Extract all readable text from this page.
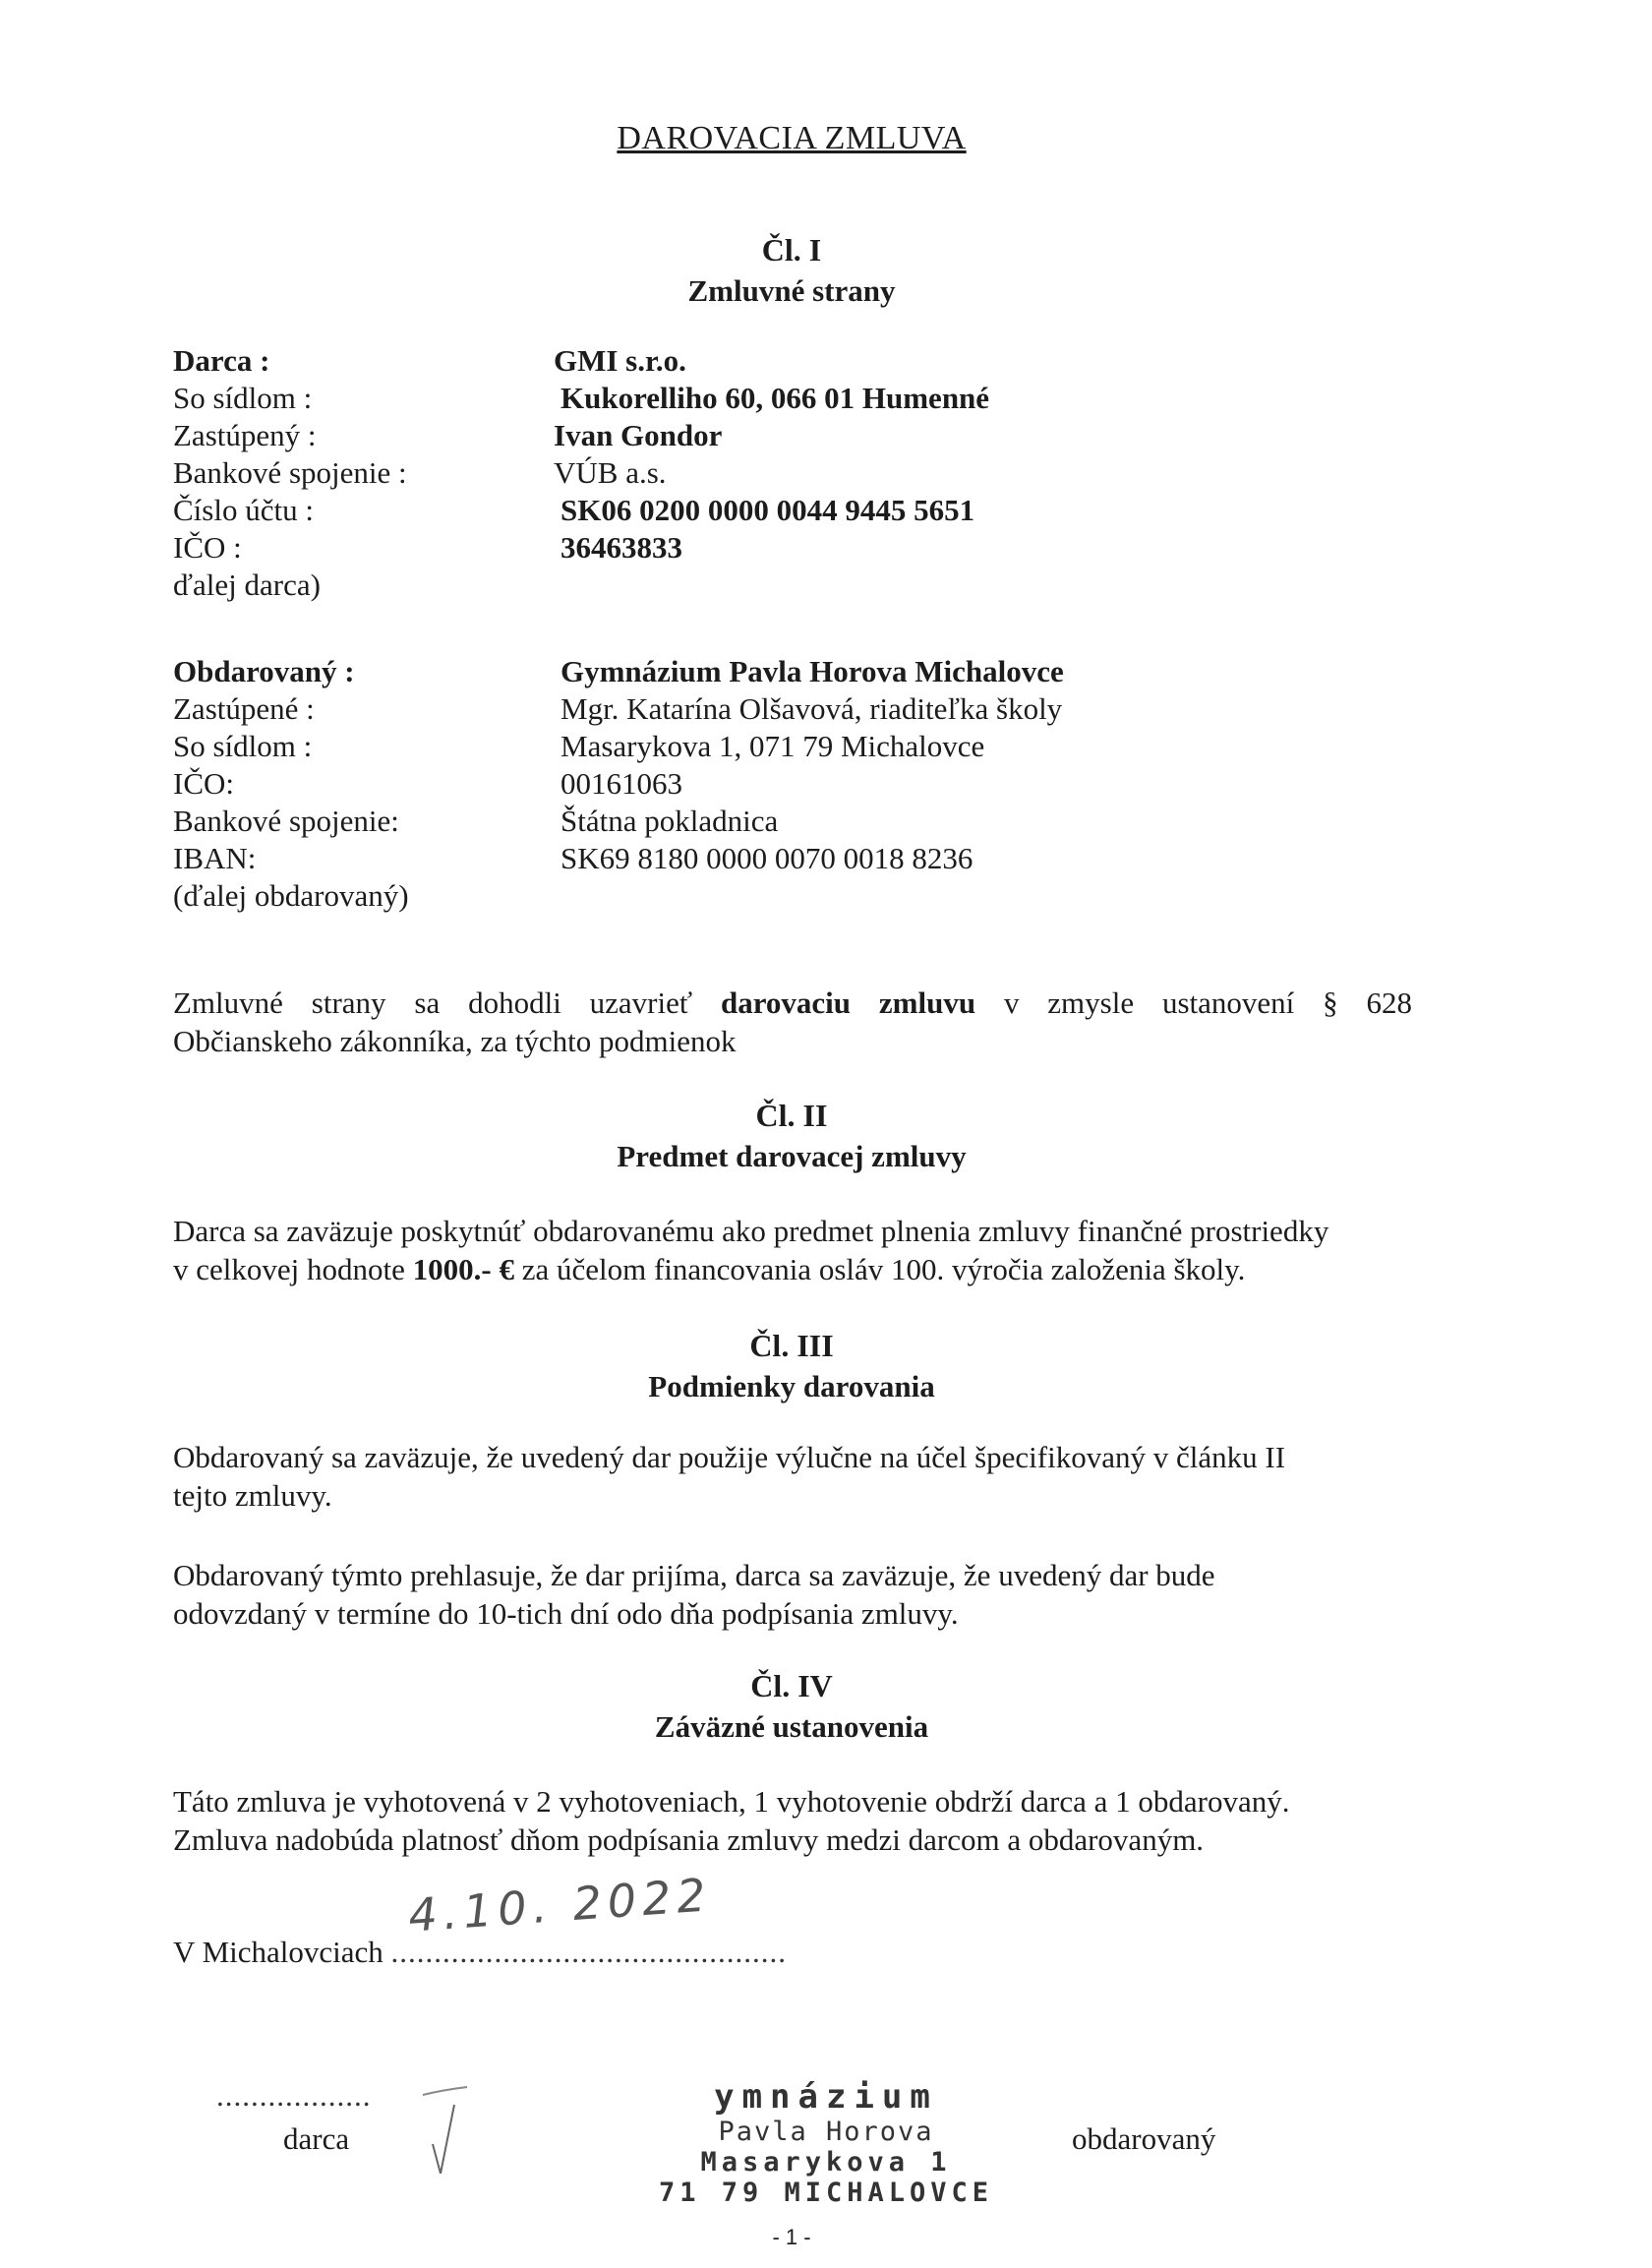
DAROVACIA ZMLUVA
Čl. I
Zmluvné strany
Darca :
So sídlom :
Zastúpený :
Bankové spojenie :
Číslo účtu :
IČO :
ďalej darca)
GMI s.r.o.
Kukorelliho 60, 066 01 Humenné
Ivan Gondor
VÚB a.s.
SK06 0200 0000 0044 9445 5651
36463833
Obdarovaný :
Zastúpené :
So sídlom :
IČO:
Bankové spojenie:
IBAN:
(ďalej obdarovaný)
Gymnázium Pavla Horova Michalovce
Mgr. Katarína Olšavová, riaditeľka školy
Masarykova 1, 071 79 Michalovce
00161063
Štátna pokladnica
SK69 8180 0000 0070 0018 8236
Zmluvné strany sa dohodli uzavrieť darovaciu zmluvu v zmysle ustanovení § 628
Občianskeho zákonníka, za týchto podmienok
Čl. II
Predmet darovacej zmluvy
Darca sa zaväzuje poskytnúť obdarovanému ako predmet plnenia zmluvy finančné prostriedky
v celkovej hodnote 1000.- € za účelom financovania osláv 100. výročia založenia školy.
Čl. III
Podmienky darovania
Obdarovaný sa zaväzuje, že uvedený dar použije výlučne na účel špecifikovaný v článku II
tejto zmluvy.
Obdarovaný týmto prehlasuje, že dar prijíma, darca sa zaväzuje, že uvedený dar bude
odovzdaný v termíne do 10-tich dní odo dňa podpísania zmluvy.
Čl. IV
Záväzné ustanovenia
Táto zmluva je vyhotovená v 2 vyhotoveniach, 1 vyhotovenie obdrží darca a 1 obdarovaný.
Zmluva nadobúda platnosť dňom podpísania zmluvy medzi darcom a obdarovaným.
V Michalovciach ..............................................
4.10. 2022
..................
darca
ymnázium
Pavla Horova
Masarykova 1
71 79 MICHALOVCE
obdarovaný
- 1 -
